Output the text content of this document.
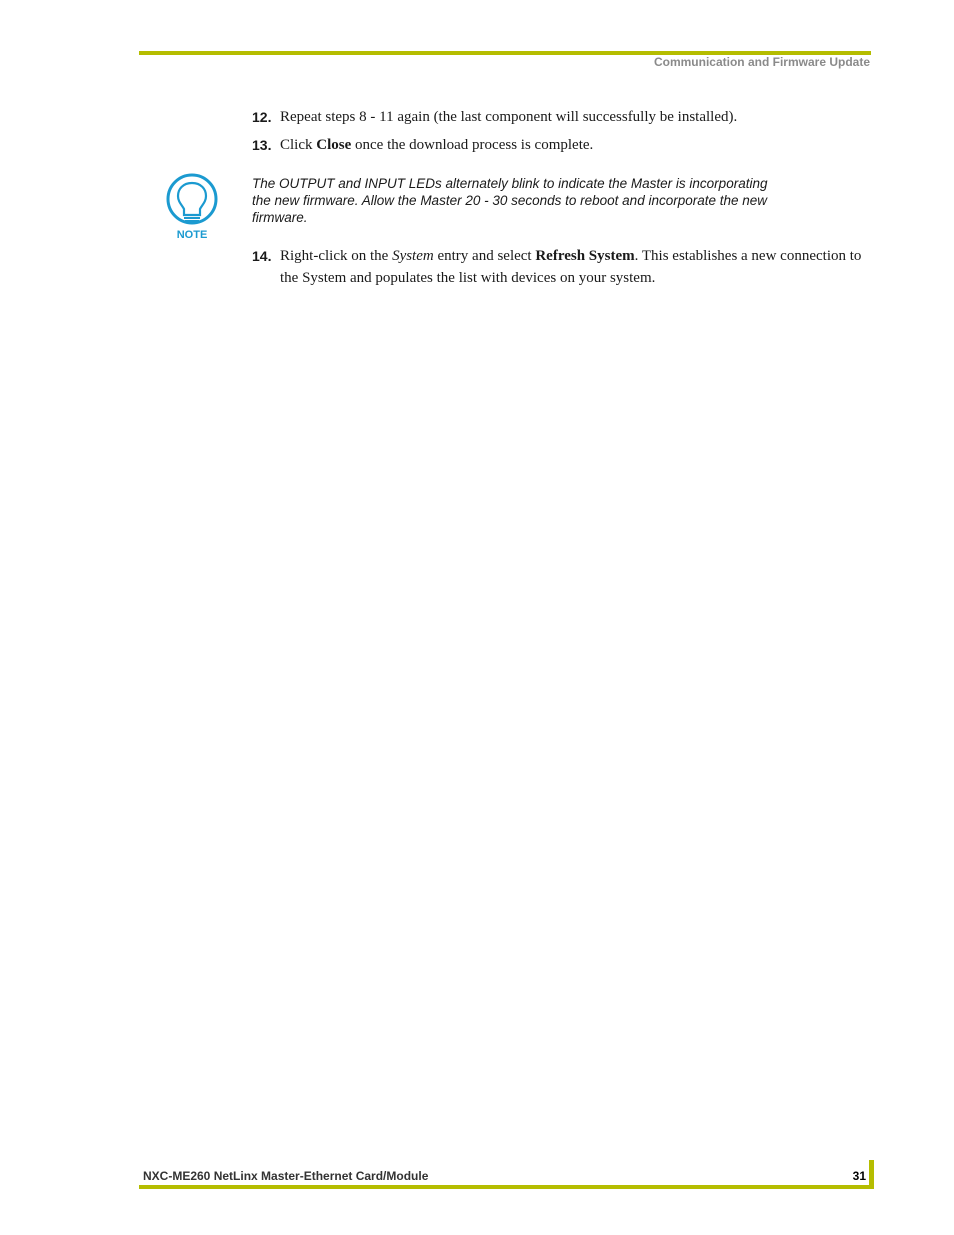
Communication and Firmware Update
12. Repeat steps 8 - 11 again (the last component will successfully be installed).
13. Click Close once the download process is complete.
NOTE
The OUTPUT and INPUT LEDs alternately blink to indicate the Master is incorporating the new firmware. Allow the Master 20 - 30 seconds to reboot and incorporate the new firmware.
14. Right-click on the System entry and select Refresh System. This establishes a new connection to the System and populates the list with devices on your system.
NXC-ME260 NetLinx Master-Ethernet Card/Module	31
